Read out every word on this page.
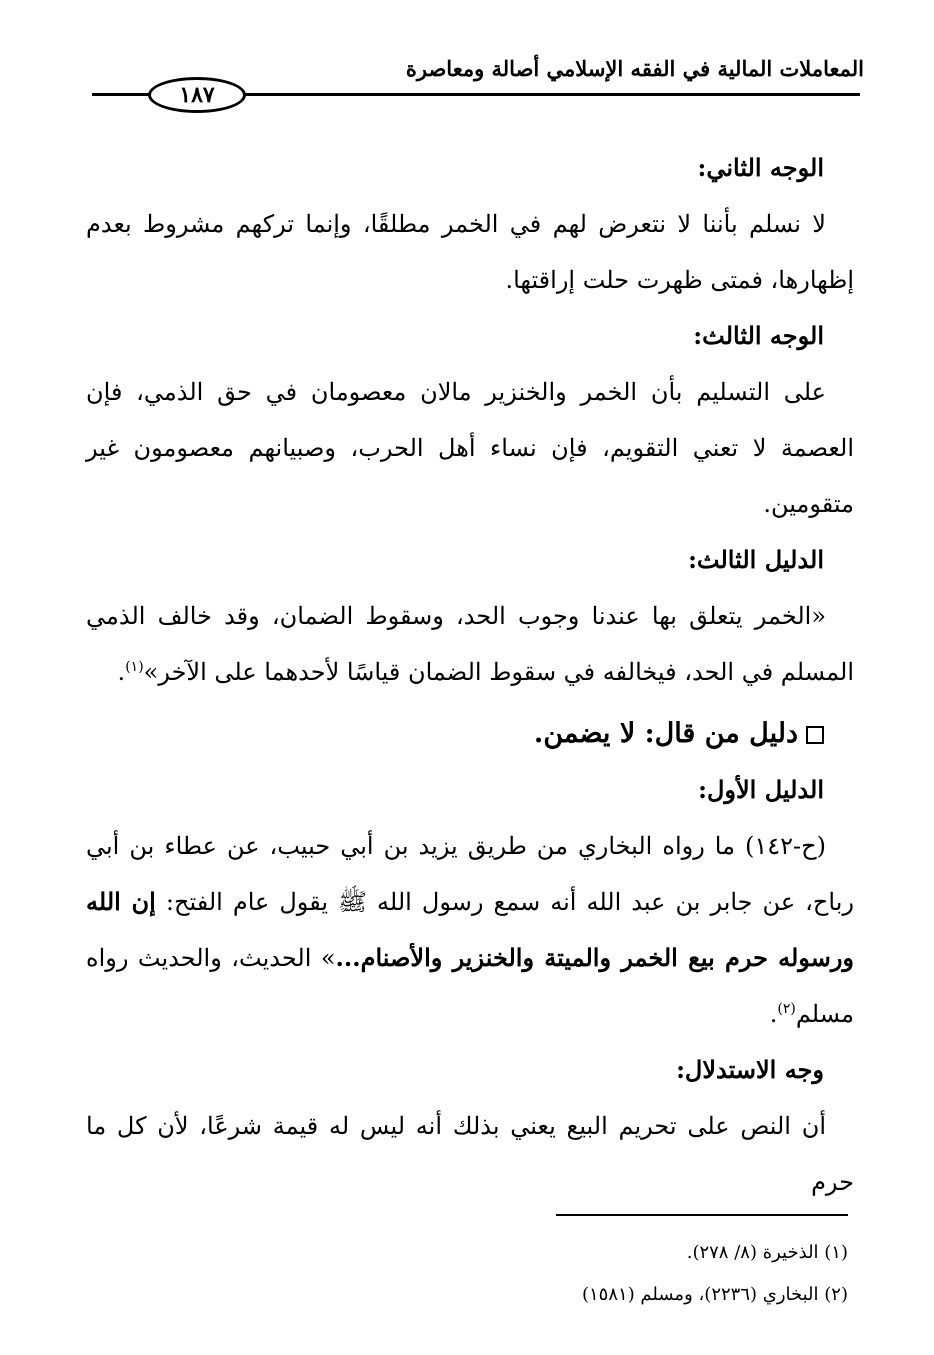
المعاملات المالية في الفقه الإسلامي أصالة ومعاصرة
١٨٧

الوجه الثاني:

لا نسلم بأننا لا نتعرض لهم في الخمر مطلقًا، وإنما تركهم مشروط بعدم إظهارها، فمتى ظهرت حلت إراقتها.

الوجه الثالث:

على التسليم بأن الخمر والخنزير مالان معصومان في حق الذمي، فإن العصمة لا تعني التقويم، فإن نساء أهل الحرب، وصبيانهم معصومون غير متقومين.

الدليل الثالث:

«الخمر يتعلق بها عندنا وجوب الحد، وسقوط الضمان، وقد خالف الذمي المسلم في الحد، فيخالفه في سقوط الضمان قياسًا لأحدهما على الآخر»$^{(١)}$.

دليل من قال: لا يضمن.

الدليل الأول:

(ح-١٤٢) ما رواه البخاري من طريق يزيد بن أبي حبيب، عن عطاء بن أبي رباح، عن جابر بن عبد الله أنه سمع رسول الله ﷺ يقول عام الفتح: إن الله ورسوله حرم بيع الخمر والميتة والخنزير والأصنام...» الحديث، والحديث رواه مسلم$^{(٢)}$.

وجه الاستدلال:

أن النص على تحريم البيع يعني بذلك أنه ليس له قيمة شرعًا، لأن كل ما حرم

(١) الذخيرة (٨/ ٢٧٨).

(٢) البخاري (٢٢٣٦)، ومسلم (١٥٨١)
